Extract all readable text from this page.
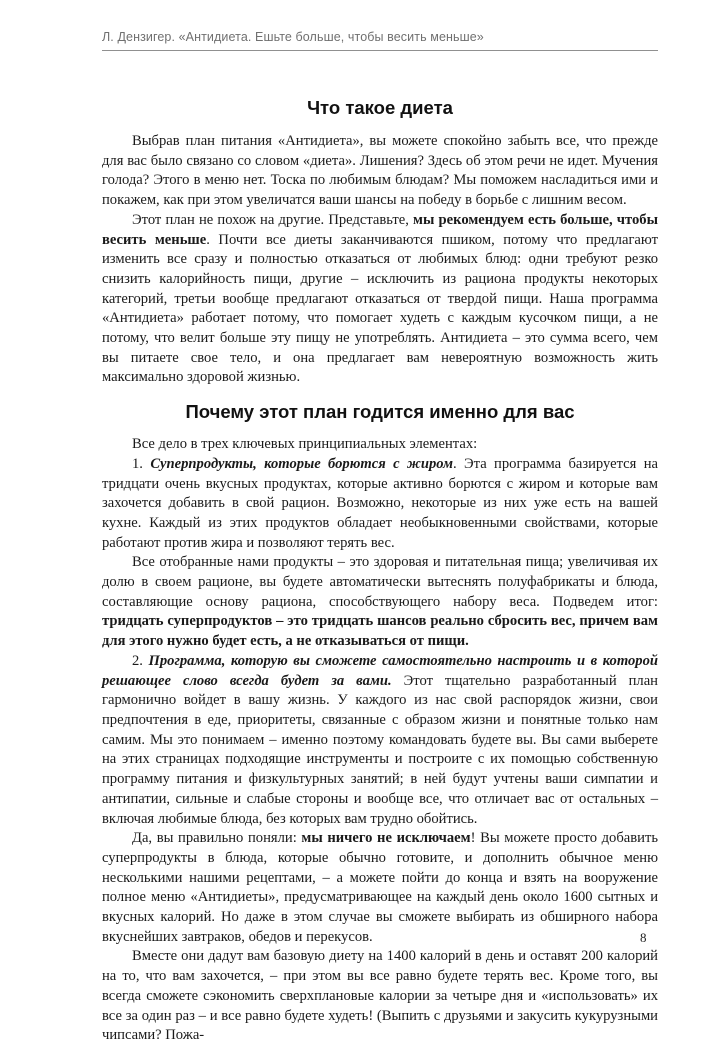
Л. Дензигер. «Антидиета. Ешьте больше, чтобы весить меньше»
Что такое диета

Выбрав план питания «Антидиета», вы можете спокойно забыть все, что прежде для вас было связано со словом «диета». Лишения? Здесь об этом речи не идет. Мучения голода? Этого в меню нет. Тоска по любимым блюдам? Мы поможем насладиться ими и покажем, как при этом увеличатся ваши шансы на победу в борьбе с лишним весом.

Этот план не похож на другие. Представьте, мы рекомендуем есть больше, чтобы весить меньше. Почти все диеты заканчиваются пшиком, потому что предлагают изменить все сразу и полностью отказаться от любимых блюд: одни требуют резко снизить калорийность пищи, другие – исключить из рациона продукты некоторых категорий, третьи вообще предлагают отказаться от твердой пищи. Наша программа «Антидиета» работает потому, что помогает худеть с каждым кусочком пищи, а не потому, что велит больше эту пищу не употреблять. Антидиета – это сумма всего, чем вы питаете свое тело, и она предлагает вам невероятную возможность жить максимально здоровой жизнью.

Почему этот план годится именно для вас

Все дело в трех ключевых принципиальных элементах:

1. Суперпродукты, которые борются с жиром. Эта программа базируется на тридцати очень вкусных продуктах, которые активно борются с жиром и которые вам захочется добавить в свой рацион. Возможно, некоторые из них уже есть на вашей кухне. Каждый из этих продуктов обладает необыкновенными свойствами, которые работают против жира и позволяют терять вес.

Все отобранные нами продукты – это здоровая и питательная пища; увеличивая их долю в своем рационе, вы будете автоматически вытеснять полуфабрикаты и блюда, составляющие основу рациона, способствующего набору веса. Подведем итог: тридцать суперпродуктов – это тридцать шансов реально сбросить вес, причем вам для этого нужно будет есть, а не отказываться от пищи.

2. Программа, которую вы сможете самостоятельно настроить и в которой решающее слово всегда будет за вами. Этот тщательно разработанный план гармонично войдет в вашу жизнь. У каждого из нас свой распорядок жизни, свои предпочтения в еде, приоритеты, связанные с образом жизни и понятные только нам самим. Мы это понимаем – именно поэтому командовать будете вы. Вы сами выберете на этих страницах подходящие инструменты и построите с их помощью собственную программу питания и физкультурных занятий; в ней будут учтены ваши симпатии и антипатии, сильные и слабые стороны и вообще все, что отличает вас от остальных – включая любимые блюда, без которых вам трудно обойтись.

Да, вы правильно поняли: мы ничего не исключаем! Вы можете просто добавить суперпродукты в блюда, которые обычно готовите, и дополнить обычное меню несколькими нашими рецептами, – а можете пойти до конца и взять на вооружение полное меню «Антидиеты», предусматривающее на каждый день около 1600 сытных и вкусных калорий. Но даже в этом случае вы сможете выбирать из обширного набора вкуснейших завтраков, обедов и перекусов.

Вместе они дадут вам базовую диету на 1400 калорий в день и оставят 200 калорий на то, что вам захочется, – при этом вы все равно будете терять вес. Кроме того, вы всегда сможете сэкономить сверхплановые калории за четыре дня и «использовать» их все за один раз – и все равно будете худеть! (Выпить с друзьями и закусить кукурузными чипсами? Пожа-

8
